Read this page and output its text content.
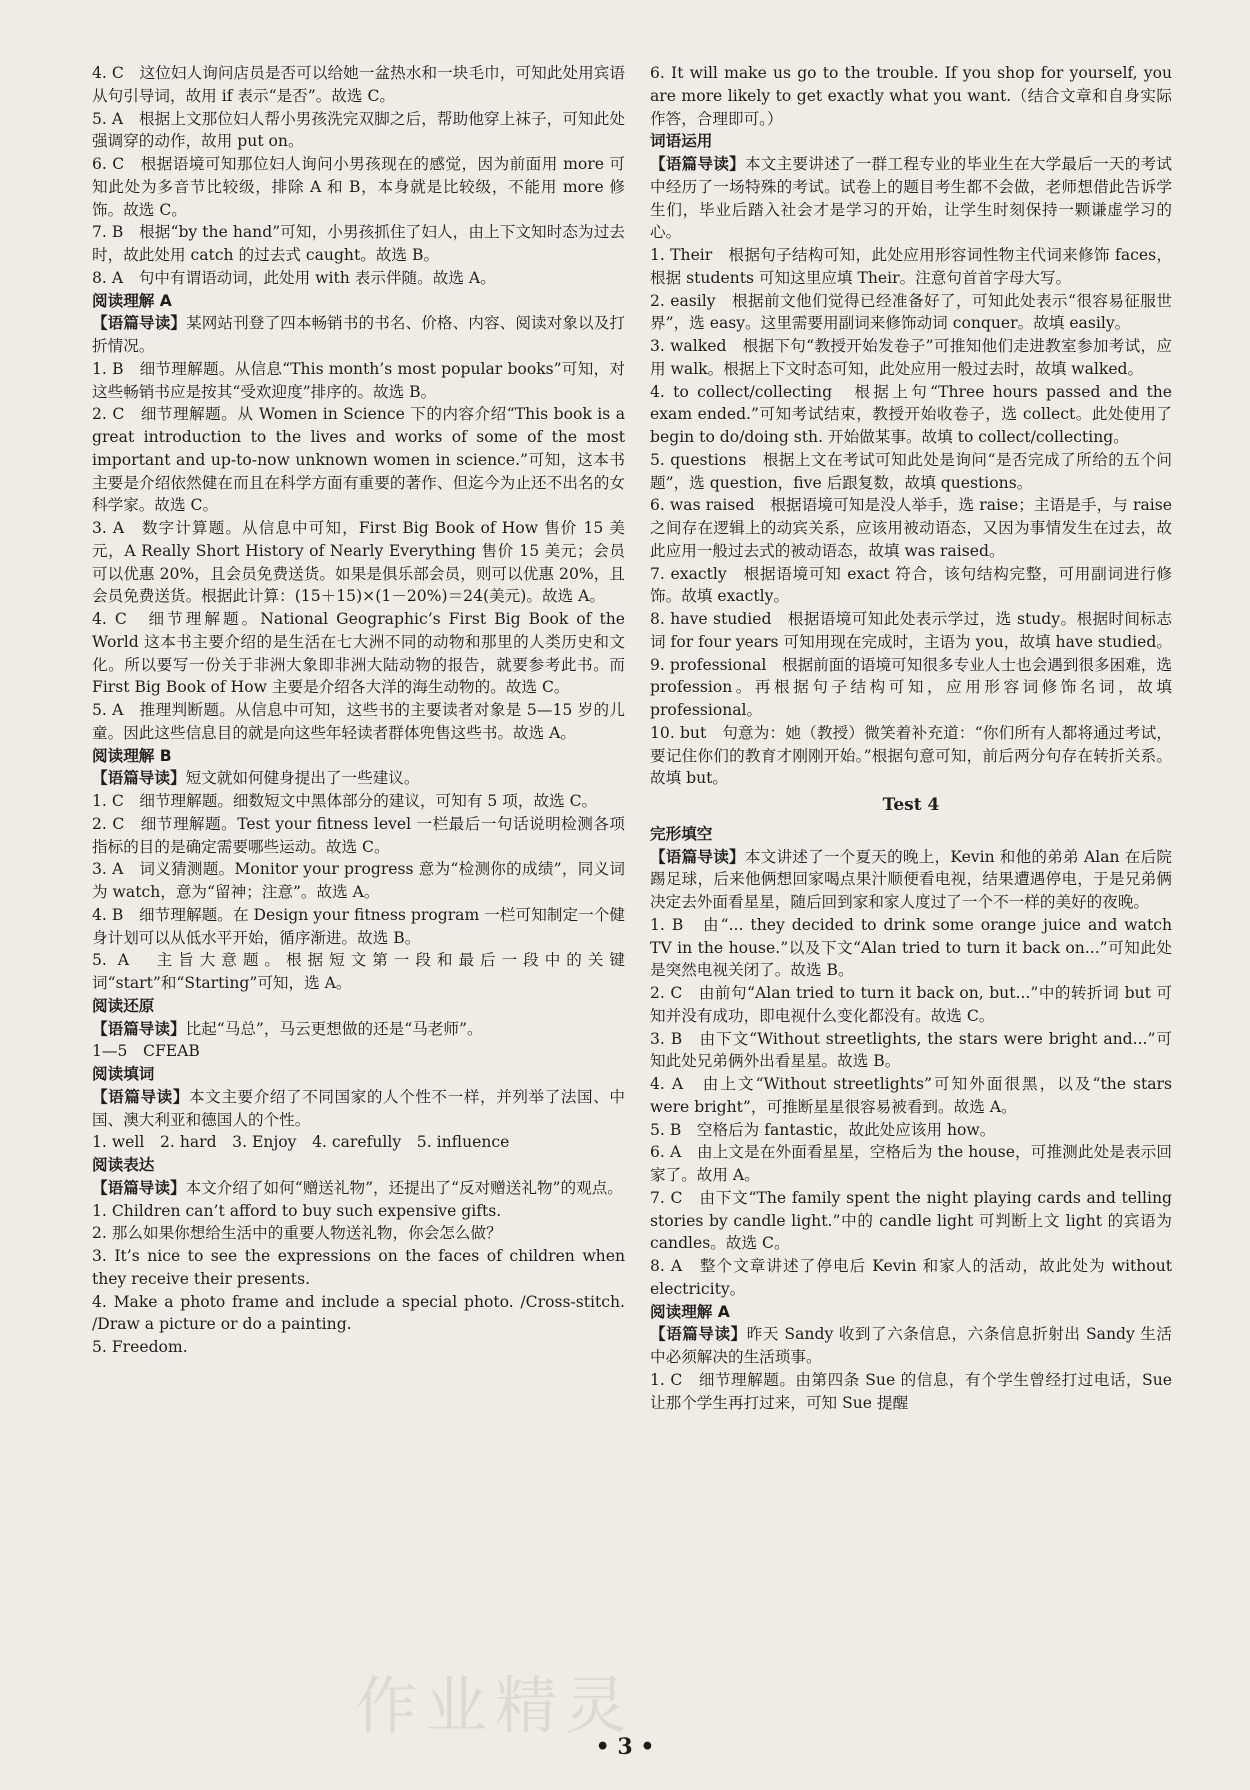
4. C　这位妇人询问店员是否可以给她一盆热水和一块毛巾，可知此处用宾语从句引导词，故用 if 表示“是否”。故选 C。
5. A　根据上文那位妇人帮小男孩洗完双脚之后，帮助他穿上袜子，可知此处强调穿的动作，故用 put on。
6. C　根据语境可知那位妇人询问小男孩现在的感觉，因为前面用 more 可知此处为多音节比较级，排除 A 和 B，本身就是比较级，不能用 more 修饰。故选 C。
7. B　根据“by the hand”可知，小男孩抓住了妇人，由上下文知时态为过去时，故此处用 catch 的过去式 caught。故选 B。
8. A　句中有谓语动词，此处用 with 表示伴随。故选 A。
阅读理解 A
【语篇导读】某网站刊登了四本畅销书的书名、价格、内容、阅读对象以及打折情况。
1. B　细节理解题。从信息“This month’s most popular books”可知，对这些畅销书应是按其“受欢迎度”排序的。故选 B。
2. C　细节理解题。从 Women in Science 下的内容介绍“This book is a great introduction to the lives and works of some of the most important and up-to-now unknown women in science.”可知，这本书主要是介绍依然健在而且在科学方面有重要的著作、但迄今为止还不出名的女科学家。故选 C。
3. A　数字计算题。从信息中可知，First Big Book of How 售价 15 美元，A Really Short History of Nearly Everything 售价 15 美元；会员可以优惠 20%，且会员免费送货。如果是俱乐部会员，则可以优惠 20%，且会员免费送货。根据此计算：(15＋15)×(1－20%)＝24(美元)。故选 A。
4. C　细节理解题。National Geographic’s First Big Book of the World 这本书主要介绍的是生活在七大洲不同的动物和那里的人类历史和文化。所以要写一份关于非洲大象即非洲大陆动物的报告，就要参考此书。而 First Big Book of How 主要是介绍各大洋的海生动物的。故选 C。
5. A　推理判断题。从信息中可知，这些书的主要读者对象是 5—15 岁的儿童。因此这些信息目的就是向这些年轻读者群体兜售这些书。故选 A。
阅读理解 B
【语篇导读】短文就如何健身提出了一些建议。
1. C　细节理解题。细数短文中黑体部分的建议，可知有 5 项，故选 C。
2. C　细节理解题。Test your fitness level 一栏最后一句话说明检测各项指标的目的是确定需要哪些运动。故选 C。
3. A　词义猜测题。Monitor your progress 意为“检测你的成绩”，同义词为 watch，意为“留神；注意”。故选 A。
4. B　细节理解题。在 Design your fitness program 一栏可知制定一个健身计划可以从低水平开始，循序渐进。故选 B。
5. A　主旨大意题。根据短文第一段和最后一段中的关键词“start”和“Starting”可知，选 A。
阅读还原
【语篇导读】比起“马总”，马云更想做的还是“马老师”。
1—5　CFEAB
阅读填词
【语篇导读】本文主要介绍了不同国家的人个性不一样，并列举了法国、中国、澳大利亚和德国人的个性。
1. well　2. hard　3. Enjoy　4. carefully　5. influence
阅读表达
【语篇导读】本文介绍了如何“赠送礼物”，还提出了“反对赠送礼物”的观点。
1. Children can’t afford to buy such expensive gifts.
2. 那么如果你想给生活中的重要人物送礼物，你会怎么做？
3. It’s nice to see the expressions on the faces of children when they receive their presents.
4. Make a photo frame and include a special photo. /Cross-stitch. /Draw a picture or do a painting.
5. Freedom.
6. It will make us go to the trouble. If you shop for yourself, you are more likely to get exactly what you want.（结合文章和自身实际作答，合理即可。）
词语运用
【语篇导读】本文主要讲述了一群工程专业的毕业生在大学最后一天的考试中经历了一场特殊的考试。试卷上的题目考生都不会做，老师想借此告诉学生们，毕业后踏入社会才是学习的开始，让学生时刻保持一颗谦虚学习的心。
1. Their　根据句子结构可知，此处应用形容词性物主代词来修饰 faces，根据 students 可知这里应填 Their。注意句首首字母大写。
2. easily　根据前文他们觉得已经准备好了，可知此处表示“很容易征服世界”，选 easy。这里需要用副词来修饰动词 conquer。故填 easily。
3. walked　根据下句“教授开始发卷子”可推知他们走进教室参加考试，应用 walk。根据上下文时态可知，此处应用一般过去时，故填 walked。
4. to collect/collecting　根据上句“Three hours passed and the exam ended.”可知考试结束，教授开始收卷子，选 collect。此处使用了 begin to do/doing sth. 开始做某事。故填 to collect/collecting。
5. questions　根据上文在考试可知此处是询问“是否完成了所给的五个问题”，选 question，five 后跟复数，故填 questions。
6. was raised　根据语境可知是没人举手，选 raise；主语是手，与 raise 之间存在逻辑上的动宾关系，应该用被动语态，又因为事情发生在过去，故此应用一般过去式的被动语态，故填 was raised。
7. exactly　根据语境可知 exact 符合，该句结构完整，可用副词进行修饰。故填 exactly。
8. have studied　根据语境可知此处表示学过，选 study。根据时间标志词 for four years 可知用现在完成时，主语为 you，故填 have studied。
9. professional　根据前面的语境可知很多专业人士也会遇到很多困难，选 profession。再根据句子结构可知，应用形容词修饰名词，故填 professional。
10. but　句意为：她（教授）微笑着补充道：“你们所有人都将通过考试，要记住你们的教育才刚刚开始。”根据句意可知，前后两分句存在转折关系。故填 but。
Test 4
完形填空
【语篇导读】本文讲述了一个夏天的晚上，Kevin 和他的弟弟 Alan 在后院踢足球，后来他俩想回家喝点果汁顺便看电视，结果遭遇停电，于是兄弟俩决定去外面看星星，随后回到家和家人度过了一个不一样的美好的夜晚。
1. B　由“... they decided to drink some orange juice and watch TV in the house.”以及下文“Alan tried to turn it back on...”可知此处是突然电视关闭了。故选 B。
2. C　由前句“Alan tried to turn it back on, but...”中的转折词 but 可知并没有成功，即电视什么变化都没有。故选 C。
3. B　由下文“Without streetlights, the stars were bright and...”可知此处兄弟俩外出看星星。故选 B。
4. A　由上文“Without streetlights”可知外面很黑，以及“the stars were bright”，可推断星星很容易被看到。故选 A。
5. B　空格后为 fantastic，故此处应该用 how。
6. A　由上文是在外面看星星，空格后为 the house，可推测此处是表示回家了。故用 A。
7. C　由下文“The family spent the night playing cards and telling stories by candle light.”中的 candle light 可判断上文 light 的宾语为 candles。故选 C。
8. A　整个文章讲述了停电后 Kevin 和家人的活动，故此处为 without electricity。
阅读理解 A
【语篇导读】昨天 Sandy 收到了六条信息，六条信息折射出 Sandy 生活中必须解决的生活琐事。
1. C　细节理解题。由第四条 Sue 的信息，有个学生曾经打过电话，Sue 让那个学生再打过来，可知 Sue 提醒
作业精灵
• 3 •
